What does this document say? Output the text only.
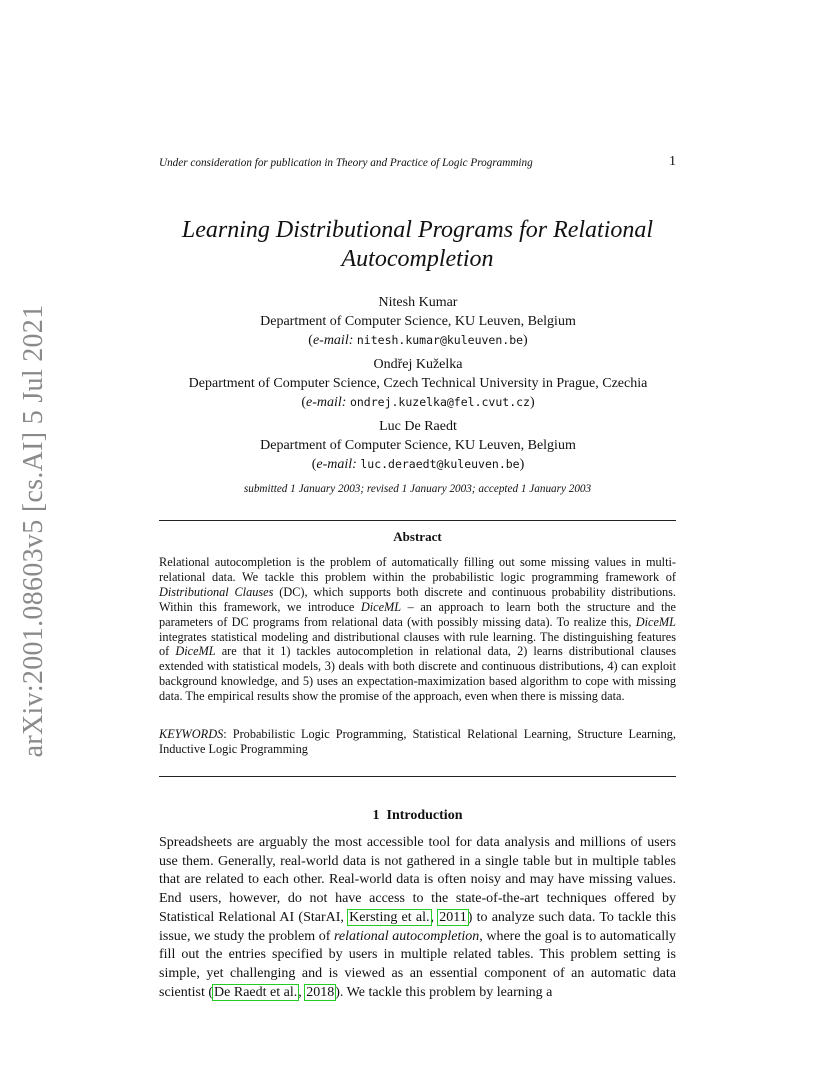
arXiv:2001.08603v5 [cs.AI] 5 Jul 2021
Under consideration for publication in Theory and Practice of Logic Programming	1
Learning Distributional Programs for Relational
Autocompletion
Nitesh Kumar
Department of Computer Science, KU Leuven, Belgium
(e-mail: nitesh.kumar@kuleuven.be)
Ondřej Kuželka
Department of Computer Science, Czech Technical University in Prague, Czechia
(e-mail: ondrej.kuzelka@fel.cvut.cz)
Luc De Raedt
Department of Computer Science, KU Leuven, Belgium
(e-mail: luc.deraedt@kuleuven.be)
submitted 1 January 2003; revised 1 January 2003; accepted 1 January 2003
Abstract
Relational autocompletion is the problem of automatically filling out some missing values in multi-relational data. We tackle this problem within the probabilistic logic programming framework of Distributional Clauses (DC), which supports both discrete and continuous probability distributions. Within this framework, we introduce DiceML – an approach to learn both the structure and the parameters of DC programs from relational data (with possibly missing data). To realize this, DiceML integrates statistical modeling and distributional clauses with rule learning. The distinguishing features of DiceML are that it 1) tackles autocompletion in relational data, 2) learns distributional clauses extended with statistical models, 3) deals with both discrete and continuous distributions, 4) can exploit background knowledge, and 5) uses an expectation-maximization based algorithm to cope with missing data. The empirical results show the promise of the approach, even when there is missing data.
KEYWORDS: Probabilistic Logic Programming, Statistical Relational Learning, Structure Learning, Inductive Logic Programming
1 Introduction
Spreadsheets are arguably the most accessible tool for data analysis and millions of users use them. Generally, real-world data is not gathered in a single table but in multiple tables that are related to each other. Real-world data is often noisy and may have missing values. End users, however, do not have access to the state-of-the-art techniques offered by Statistical Relational AI (StarAI, Kersting et al., 2011) to analyze such data. To tackle this issue, we study the problem of relational autocompletion, where the goal is to automatically fill out the entries specified by users in multiple related tables. This problem setting is simple, yet challenging and is viewed as an essential component of an automatic data scientist (De Raedt et al., 2018). We tackle this problem by learning a
